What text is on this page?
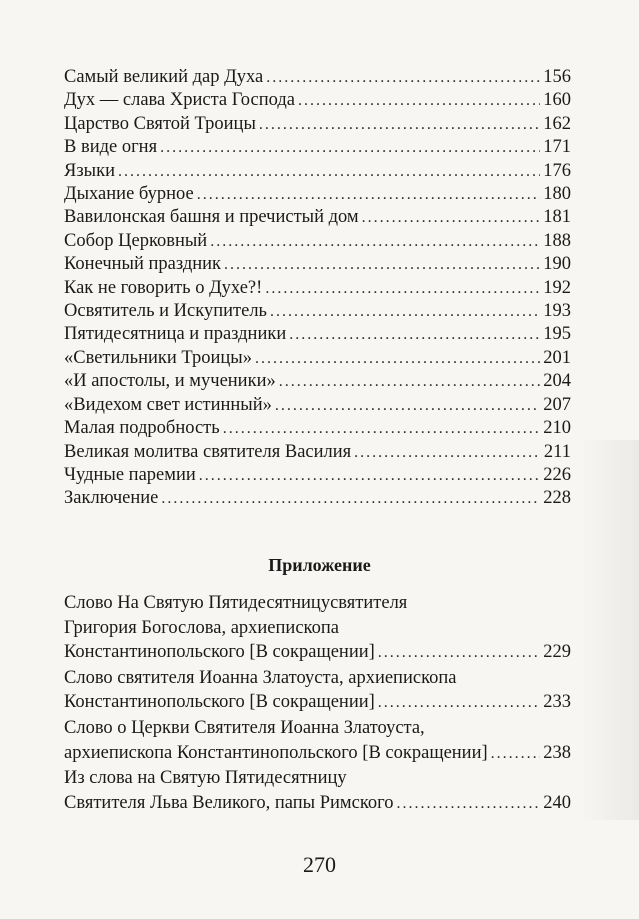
Самый великий дар Духа . . .	156
Дух — слава Христа Господа . . .	160
Царство Святой Троицы . . .	162
В виде огня . . .	171
Языки . . .	176
Дыхание бурное . . .	180
Вавилонская башня и пречистый дом . . .	181
Собор Церковный . . .	188
Конечный праздник . . .	190
Как не говорить о Духе?! . . .	192
Освятитель и Искупитель . . .	193
Пятидесятница и праздники . . .	195
«Светильники Троицы» . . .	201
«И апостолы, и мученики» . . .	204
«Видехом свет истинный» . . .	207
Малая подробность . . .	210
Великая молитва святителя Василия . . .	211
Чудные паремии . . .	226
Заключение . . .	228
Приложение
Слово На Святую Пятидесятницусвятителя
Григория Богослова, архиепископа
Константинопольского [В сокращении] . . .	229
Слово святителя Иоанна Златоуста, архиепископа
Константинопольского [В сокращении] . . .	233
Слово о Церкви Святителя Иоанна Златоуста,
архиепископа Константинопольского [В сокращении] . . .	238
Из слова на Святую Пятидесятницу
Святителя Льва Великого, папы Римского . . .	240
270
